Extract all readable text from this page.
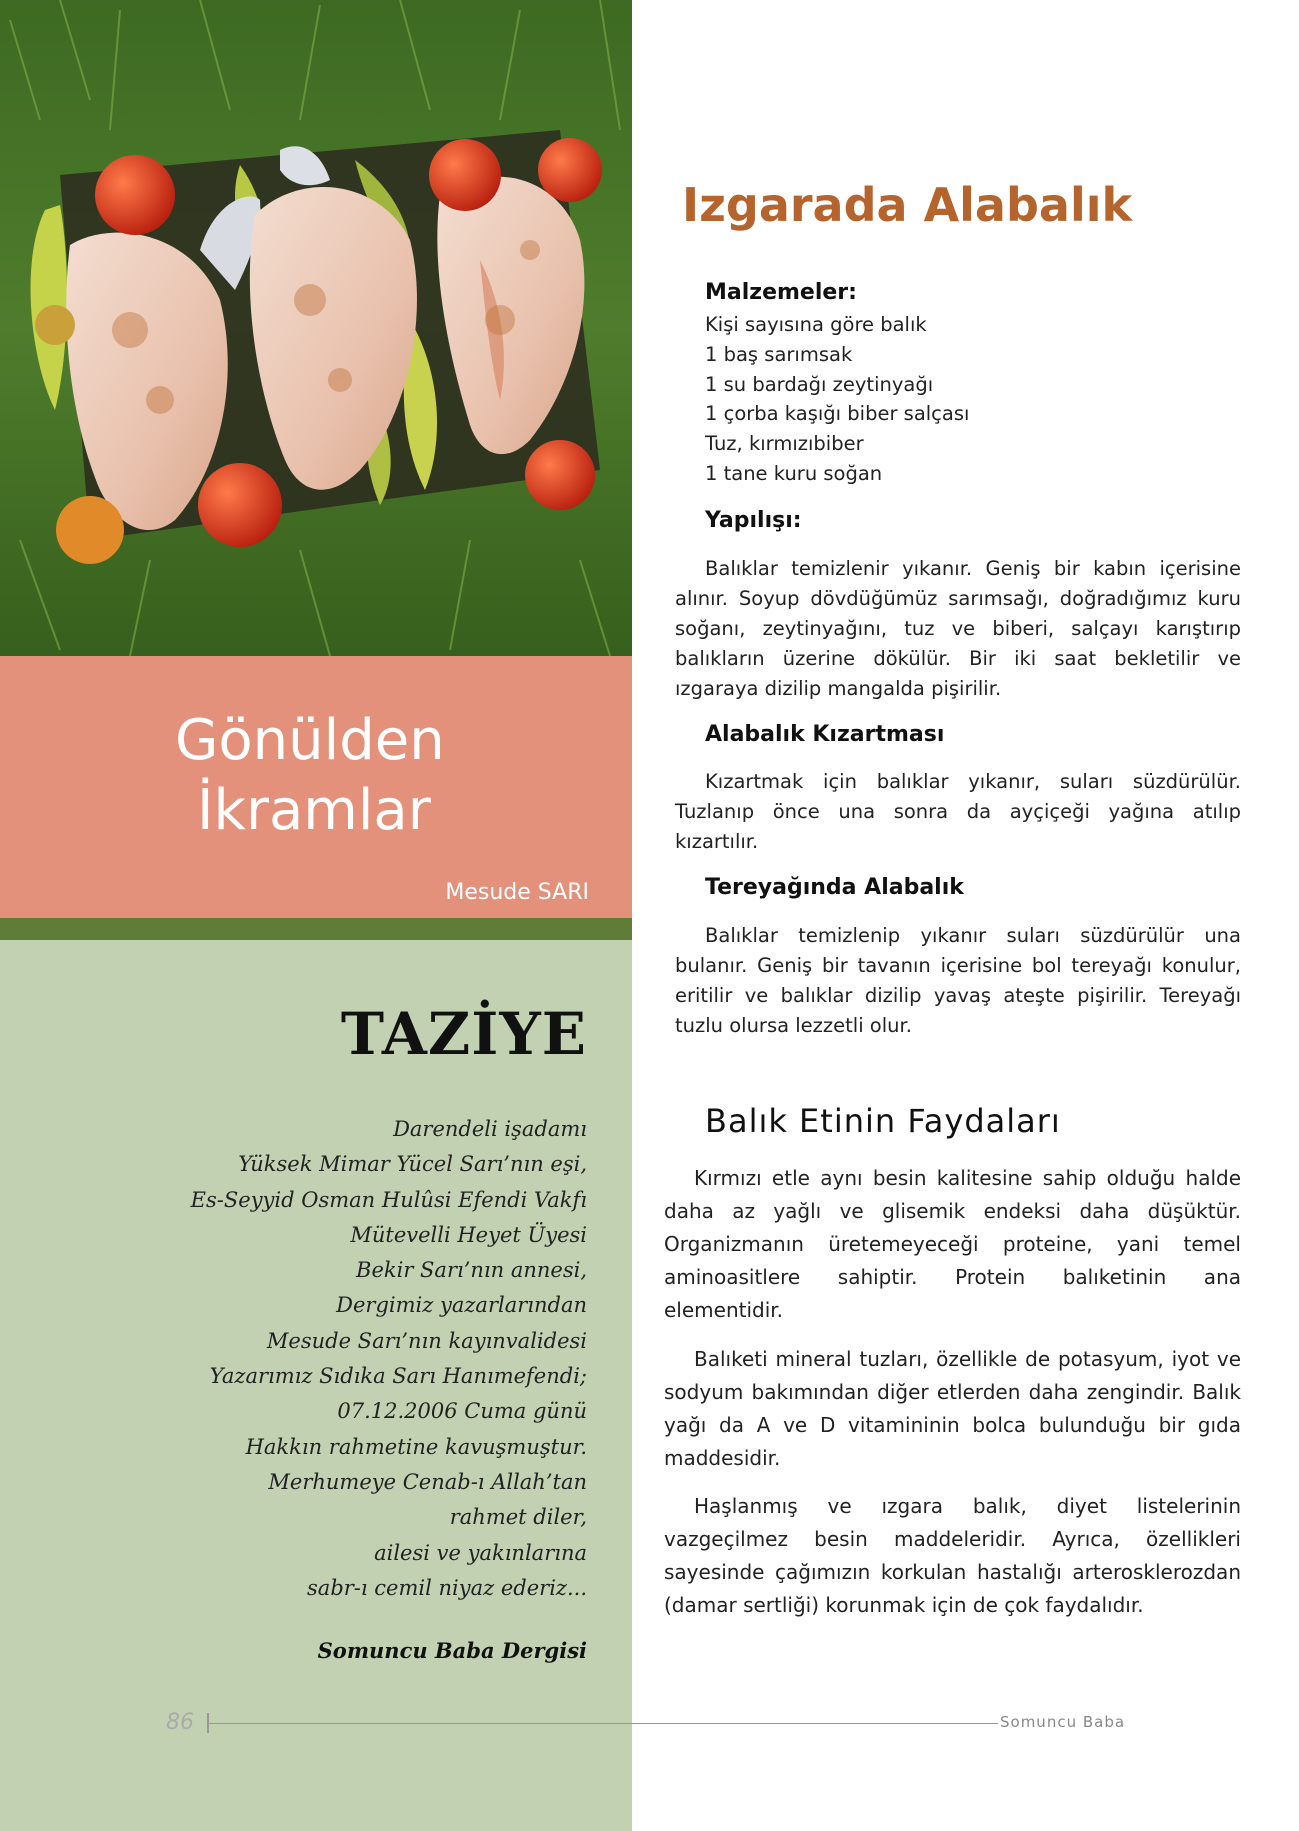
Gönülden
İkramlar
Mesude SARI
TAZİYE
Darendeli işadamı
Yüksek Mimar Yücel Sarı’nın eşi,
Es-Seyyid Osman Hulûsi Efendi Vakfı
Mütevelli Heyet Üyesi
Bekir Sarı’nın annesi,
Dergimiz yazarlarından
Mesude Sarı’nın kayınvalidesi
Yazarımız Sıdıka Sarı Hanımefendi;
07.12.2006 Cuma günü
Hakkın rahmetine kavuşmuştur.
Merhumeye Cenab-ı Allah’tan
rahmet diler,
ailesi ve yakınlarına
sabr-ı cemil niyaz ederiz...
Somuncu Baba Dergisi
Izgarada Alabalık
Malzemeler:
Kişi sayısına göre balık
1 baş sarımsak
1 su bardağı zeytinyağı
1 çorba kaşığı biber salçası
Tuz, kırmızıbiber
1 tane kuru soğan
Yapılışı:
Balıklar temizlenir yıkanır. Geniş bir kabın içerisine alınır. Soyup dövdüğümüz sarımsağı, doğradığımız kuru soğanı, zeytinyağını, tuz ve biberi, salçayı karıştırıp balıkların üzerine dökülür. Bir iki saat bekletilir ve ızgaraya dizilip mangalda pişirilir.
Alabalık Kızartması
Kızartmak için balıklar yıkanır, suları süzdürülür. Tuzlanıp önce una sonra da ayçiçeği yağına atılıp kızartılır.
Tereyağında Alabalık
Balıklar temizlenip yıkanır suları süzdürülür una bulanır. Geniş bir tavanın içerisine bol tereyağı konulur, eritilir ve balıklar dizilip yavaş ateşte pişirilir. Tereyağı tuzlu olursa lezzetli olur.
Balık Etinin Faydaları
Kırmızı etle aynı besin kalitesine sahip olduğu halde daha az yağlı ve glisemik endeksi daha düşüktür. Organizmanın üretemeyeceği proteine, yani temel aminoasitlere sahiptir. Protein balıketinin ana elementidir.
Balıketi mineral tuzları, özellikle de potasyum, iyot ve sodyum bakımından diğer etlerden daha zengindir. Balık yağı da A ve D vitamininin bolca bulunduğu bir gıda maddesidir.
Haşlanmış ve ızgara balık, diyet listelerinin vazgeçilmez besin maddeleridir. Ayrıca, özellikleri sayesinde çağımızın korkulan hastalığı arterosklerozdan (damar sertliği) korunmak için de çok faydalıdır.
86	Somuncu Baba
